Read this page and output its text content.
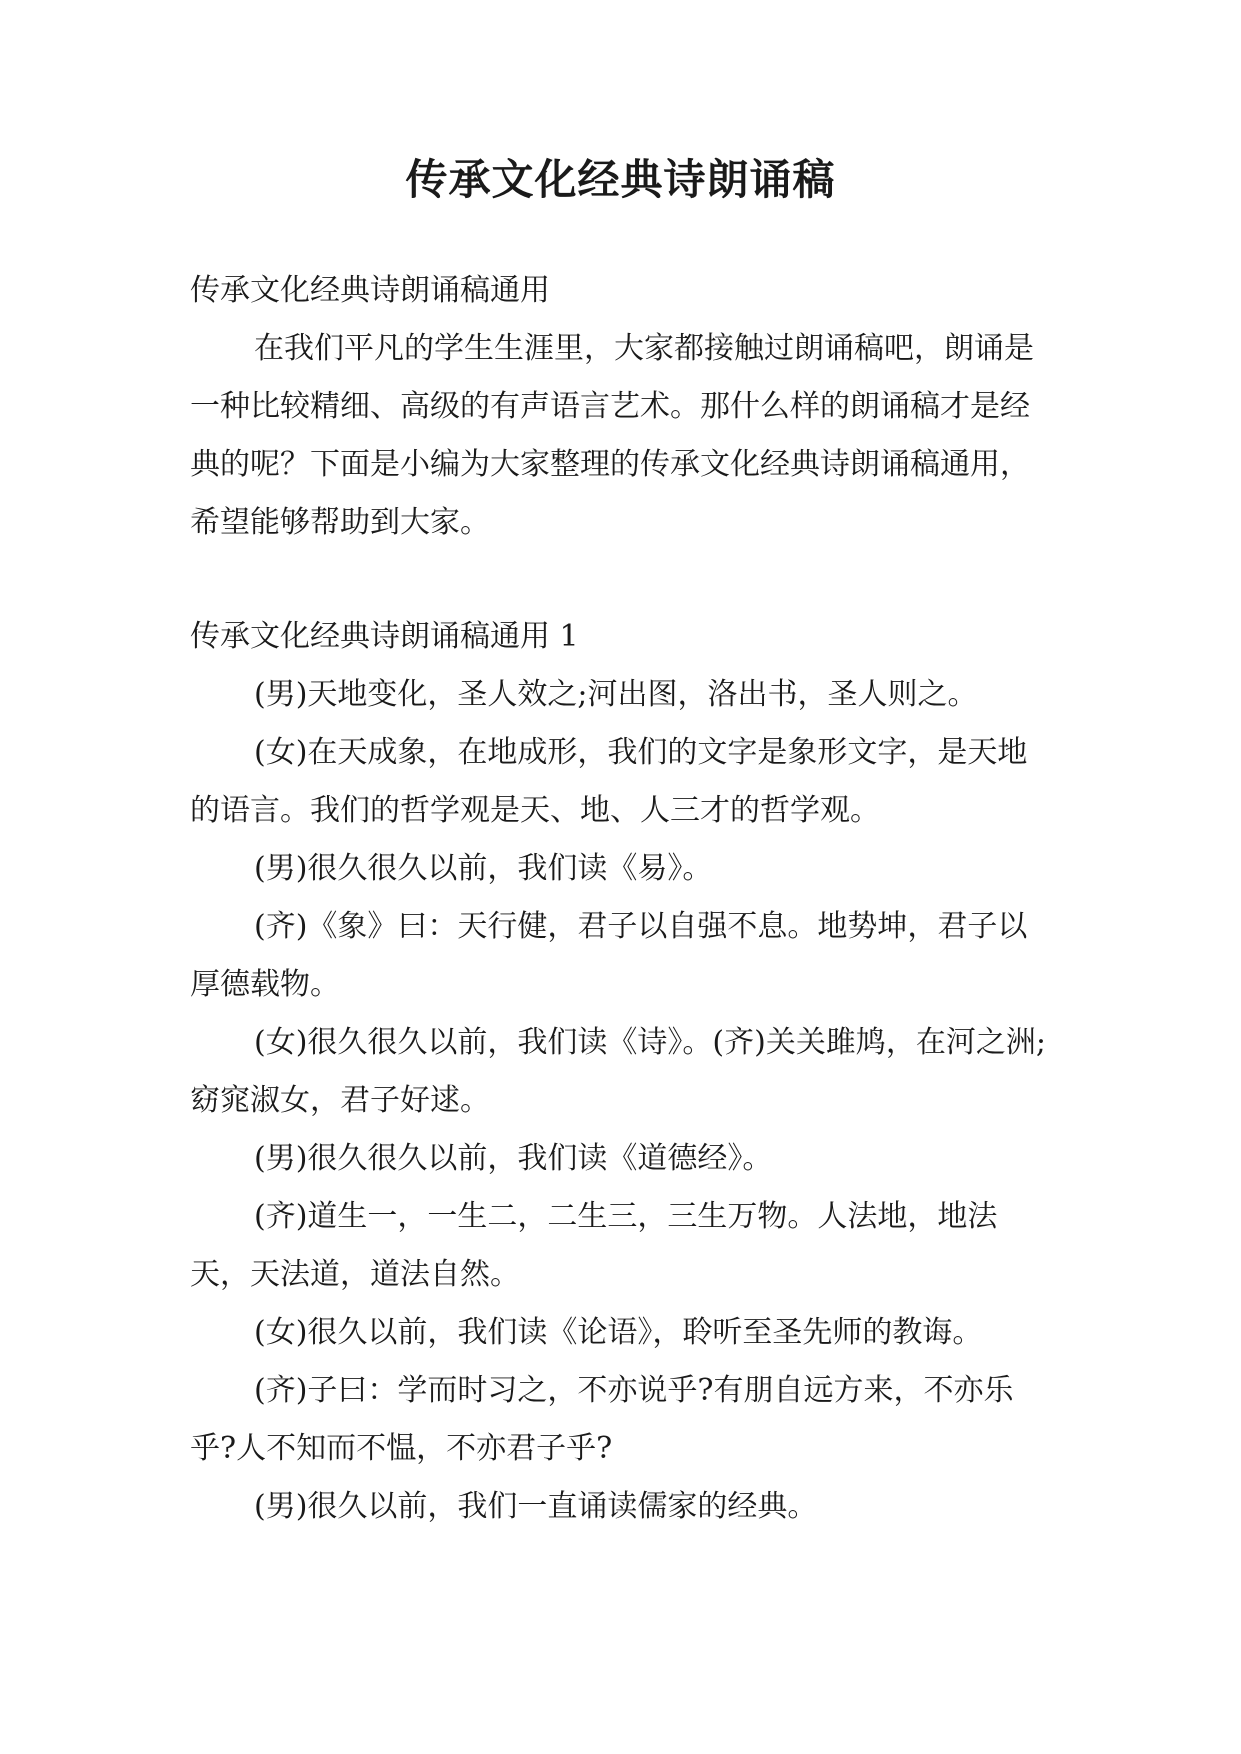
传承文化经典诗朗诵稿

传承文化经典诗朗诵稿通用

在我们平凡的学生生涯里，大家都接触过朗诵稿吧，朗诵是一种比较精细、高级的有声语言艺术。那什么样的朗诵稿才是经典的呢？下面是小编为大家整理的传承文化经典诗朗诵稿通用，希望能够帮助到大家。

传承文化经典诗朗诵稿通用 1

(男)天地变化，圣人效之;河出图，洛出书，圣人则之。

(女)在天成象，在地成形，我们的文字是象形文字，是天地的语言。我们的哲学观是天、地、人三才的哲学观。

(男)很久很久以前，我们读《易》。

(齐)《象》曰：天行健，君子以自强不息。地势坤，君子以厚德载物。

(女)很久很久以前，我们读《诗》。(齐)关关雎鸠，在河之洲;窈窕淑女，君子好逑。

(男)很久很久以前，我们读《道德经》。

(齐)道生一，一生二，二生三，三生万物。人法地，地法天，天法道，道法自然。

(女)很久以前，我们读《论语》，聆听至圣先师的教诲。

(齐)子曰：学而时习之，不亦说乎?有朋自远方来，不亦乐乎?人不知而不愠，不亦君子乎?

(男)很久以前，我们一直诵读儒家的经典。
